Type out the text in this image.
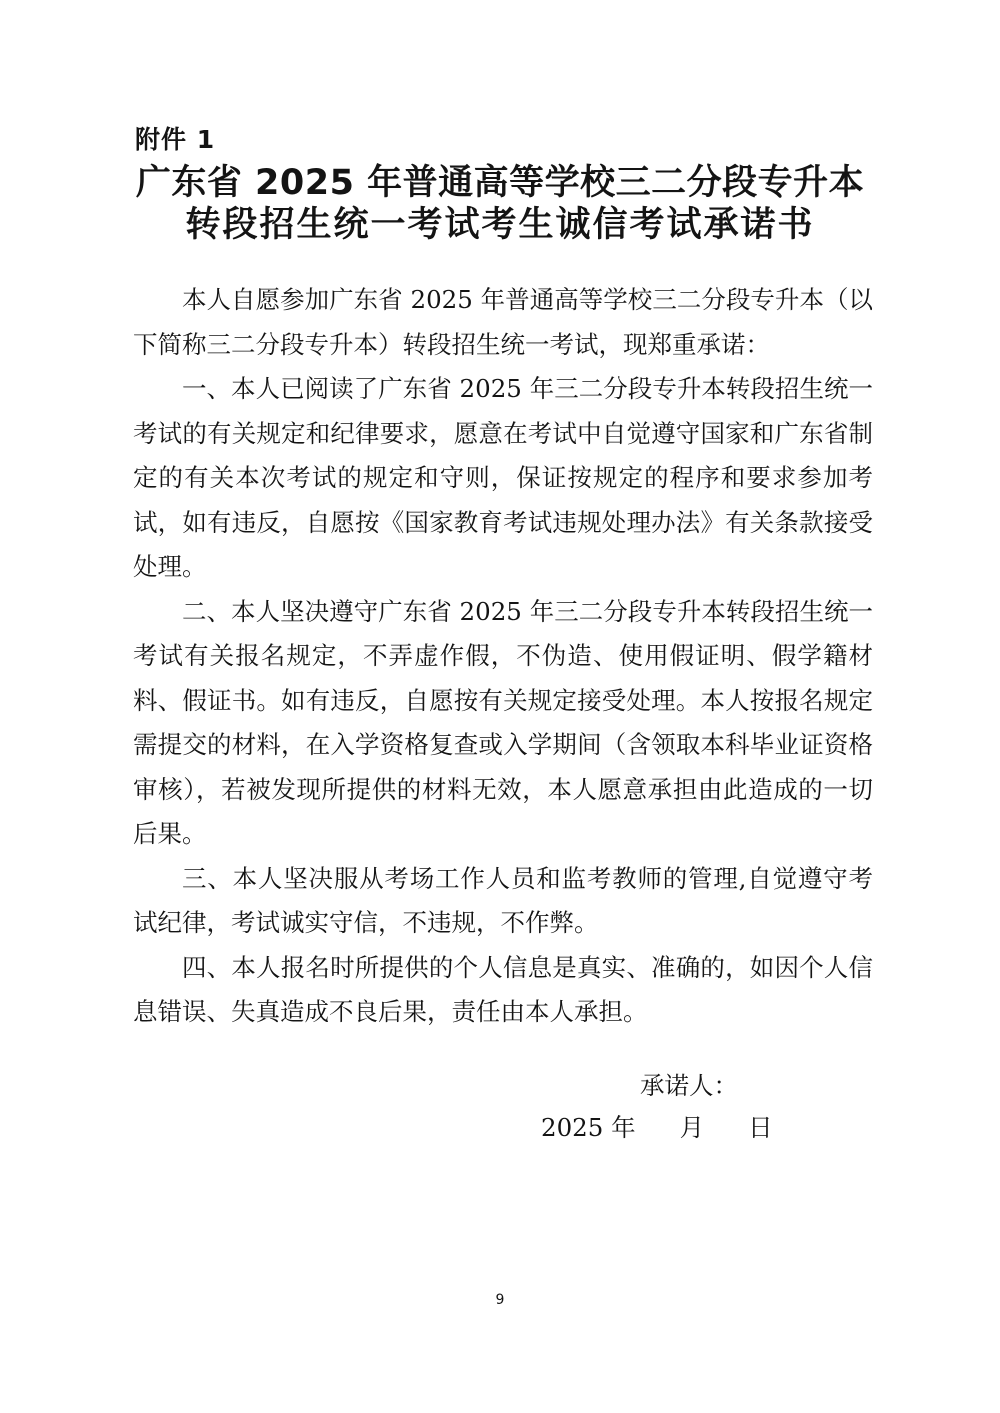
附件 1
广东省 2025 年普通高等学校三二分段专升本
转段招生统一考试考生诚信考试承诺书

本人自愿参加广东省 2025 年普通高等学校三二分段专升本（以下简称三二分段专升本）转段招生统一考试，现郑重承诺：

一、本人已阅读了广东省 2025 年三二分段专升本转段招生统一考试的有关规定和纪律要求，愿意在考试中自觉遵守国家和广东省制定的有关本次考试的规定和守则，保证按规定的程序和要求参加考试，如有违反，自愿按《国家教育考试违规处理办法》有关条款接受处理。

二、本人坚决遵守广东省 2025 年三二分段专升本转段招生统一考试有关报名规定，不弄虚作假，不伪造、使用假证明、假学籍材料、假证书。如有违反，自愿按有关规定接受处理。本人按报名规定需提交的材料，在入学资格复查或入学期间（含领取本科毕业证资格审核），若被发现所提供的材料无效，本人愿意承担由此造成的一切后果。

三、本人坚决服从考场工作人员和监考教师的管理,自觉遵守考试纪律，考试诚实守信，不违规，不作弊。

四、本人报名时所提供的个人信息是真实、准确的，如因个人信息错误、失真造成不良后果，责任由本人承担。

承诺人：
2025 年 月 日
9
